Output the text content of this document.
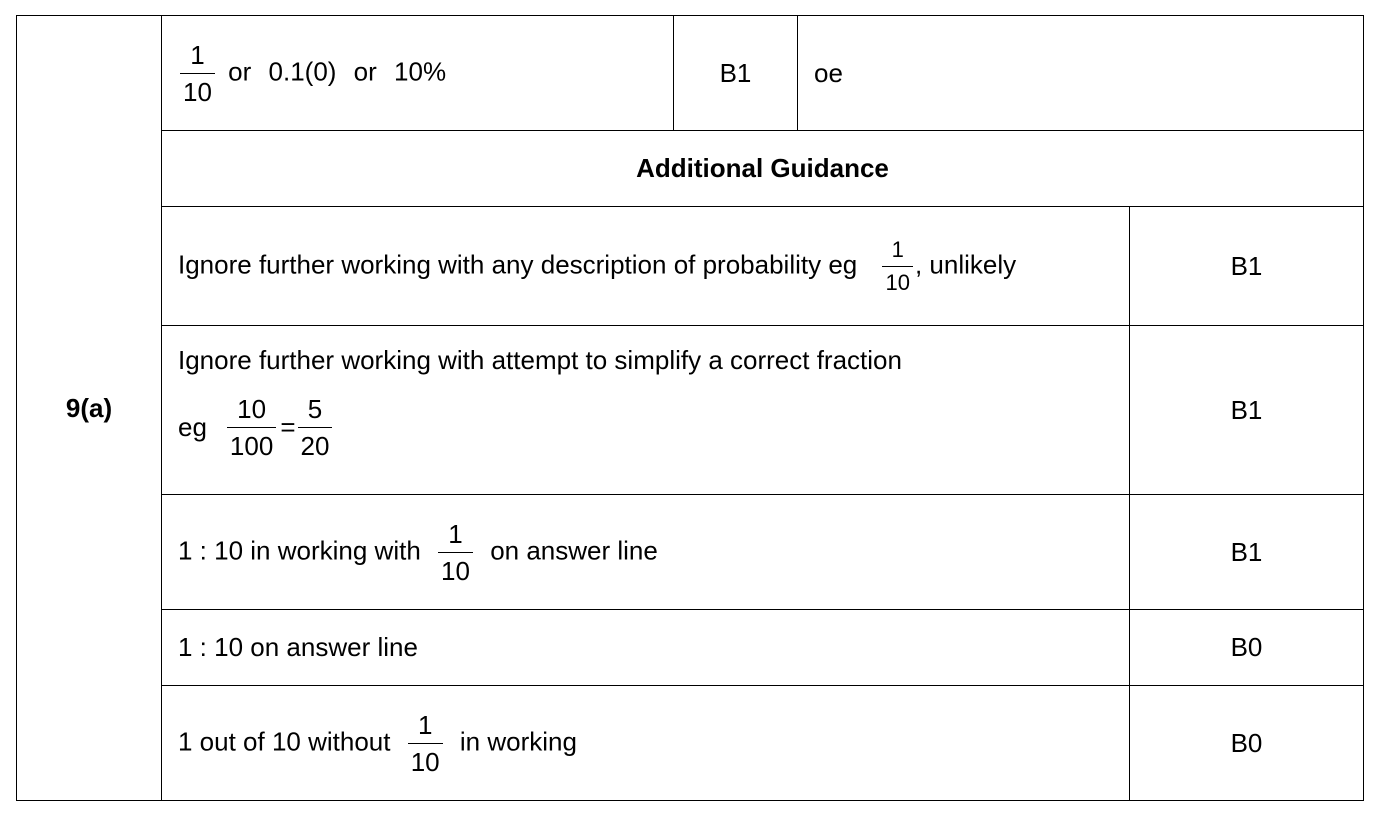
9(a)
$\frac{1}{10}$ or 0.1(0) or 10%	B1 oe
Additional Guidance
Ignore further working with any description of probability eg $\frac{1}{10}$ , unlikely	B1
Ignore further working with attempt to simplify a correct fraction
eg $\frac{10}{100} = \frac{5}{20}$	B1
1 : 10 in working with $\frac{1}{10}$ on answer line	B1
1 : 10 on answer line	B0
1 out of 10 without $\frac{1}{10}$ in working	B0
